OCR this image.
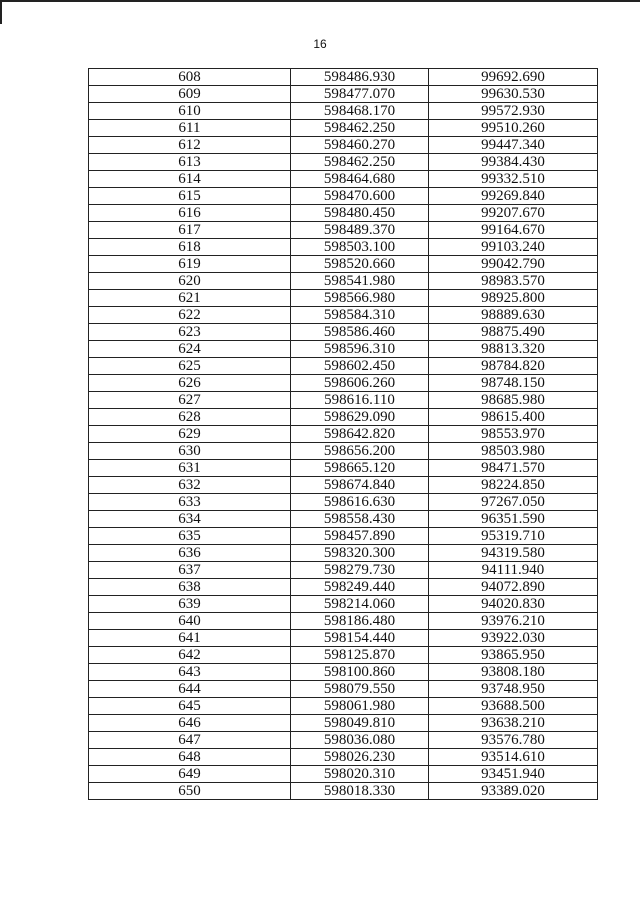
16
608	598486.930	99692.690
609	598477.070	99630.530
610	598468.170	99572.930
611	598462.250	99510.260
612	598460.270	99447.340
613	598462.250	99384.430
614	598464.680	99332.510
615	598470.600	99269.840
616	598480.450	99207.670
617	598489.370	99164.670
618	598503.100	99103.240
619	598520.660	99042.790
620	598541.980	98983.570
621	598566.980	98925.800
622	598584.310	98889.630
623	598586.460	98875.490
624	598596.310	98813.320
625	598602.450	98784.820
626	598606.260	98748.150
627	598616.110	98685.980
628	598629.090	98615.400
629	598642.820	98553.970
630	598656.200	98503.980
631	598665.120	98471.570
632	598674.840	98224.850
633	598616.630	97267.050
634	598558.430	96351.590
635	598457.890	95319.710
636	598320.300	94319.580
637	598279.730	94111.940
638	598249.440	94072.890
639	598214.060	94020.830
640	598186.480	93976.210
641	598154.440	93922.030
642	598125.870	93865.950
643	598100.860	93808.180
644	598079.550	93748.950
645	598061.980	93688.500
646	598049.810	93638.210
647	598036.080	93576.780
648	598026.230	93514.610
649	598020.310	93451.940
650	598018.330	93389.020
